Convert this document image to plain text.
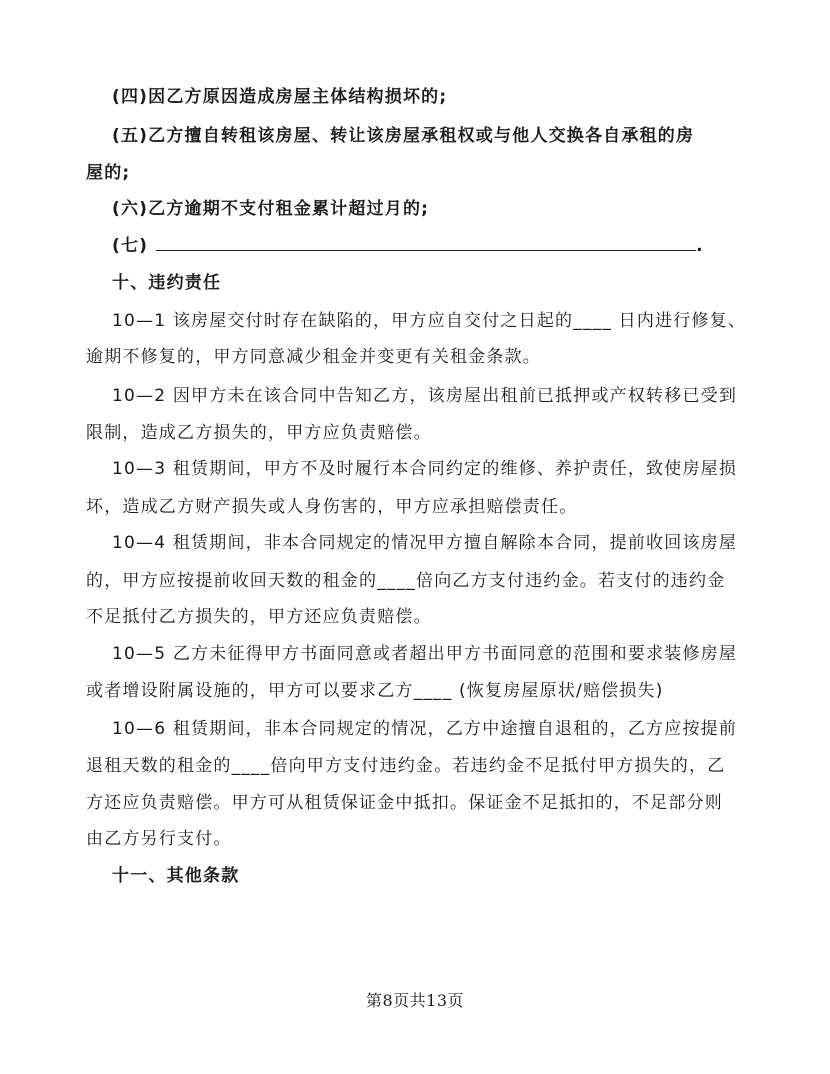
(四)因乙方原因造成房屋主体结构损坏的;
(五)乙方擅自转租该房屋、转让该房屋承租权或与他人交换各自承租的房
屋的;
(六)乙方逾期不支付租金累计超过月的;
(七)	.
十、违约责任
10—1 该房屋交付时存在缺陷的，甲方应自交付之日起的____ 日内进行修复、
逾期不修复的，甲方同意减少租金并变更有关租金条款。
10—2 因甲方未在该合同中告知乙方，该房屋出租前已抵押或产权转移已受到
限制，造成乙方损失的，甲方应负责赔偿。
10—3 租赁期间，甲方不及时履行本合同约定的维修、养护责任，致使房屋损
坏，造成乙方财产损失或人身伤害的，甲方应承担赔偿责任。
10—4 租赁期间，非本合同规定的情况甲方擅自解除本合同，提前收回该房屋
的，甲方应按提前收回天数的租金的____倍向乙方支付违约金。若支付的违约金
不足抵付乙方损失的，甲方还应负责赔偿。
10—5 乙方未征得甲方书面同意或者超出甲方书面同意的范围和要求装修房屋
或者增设附属设施的，甲方可以要求乙方____ (恢复房屋原状/赔偿损失)
10—6 租赁期间，非本合同规定的情况，乙方中途擅自退租的，乙方应按提前
退租天数的租金的____倍向甲方支付违约金。若违约金不足抵付甲方损失的，乙
方还应负责赔偿。甲方可从租赁保证金中抵扣。保证金不足抵扣的，不足部分则
由乙方另行支付。
十一、其他条款
第8页共13页
